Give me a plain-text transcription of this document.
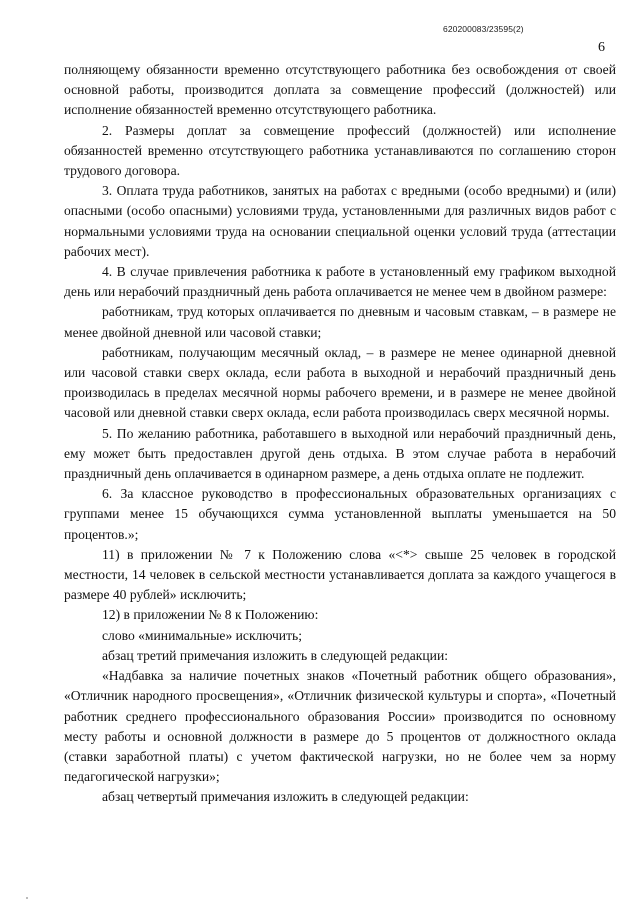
620200083/23595(2)
6

полняющему обязанности временно отсутствующего работника без освобождения от своей основной работы, производится доплата за совмещение профессий (должностей) или исполнение обязанностей временно отсутствующего работника.

2. Размеры доплат за совмещение профессий (должностей) или исполнение обязанностей временно отсутствующего работника устанавливаются по соглашению сторон трудового договора.

3. Оплата труда работников, занятых на работах с вредными (особо вредными) и (или) опасными (особо опасными) условиями труда, установленными для различных видов работ с нормальными условиями труда на основании специальной оценки условий труда (аттестации рабочих мест).

4. В случае привлечения работника к работе в установленный ему графиком выходной день или нерабочий праздничный день работа оплачивается не менее чем в двойном размере:

работникам, труд которых оплачивается по дневным и часовым ставкам, – в размере не менее двойной дневной или часовой ставки;

работникам, получающим месячный оклад, – в размере не менее одинарной дневной или часовой ставки сверх оклада, если работа в выходной и нерабочий праздничный день производилась в пределах месячной нормы рабочего времени, и в размере не менее двойной часовой или дневной ставки сверх оклада, если работа производилась сверх месячной нормы.

5. По желанию работника, работавшего в выходной или нерабочий праздничный день, ему может быть предоставлен другой день отдыха. В этом случае работа в нерабочий праздничный день оплачивается в одинарном размере, а день отдыха оплате не подлежит.

6. За классное руководство в профессиональных образовательных организациях с группами менее 15 обучающихся сумма установленной выплаты уменьшается на 50 процентов.»;

11) в приложении № 7 к Положению слова «<*> свыше 25 человек в городской местности, 14 человек в сельской местности устанавливается доплата за каждого учащегося в размере 40 рублей» исключить;

12) в приложении № 8 к Положению:

слово «минимальные» исключить;

абзац третий примечания изложить в следующей редакции:

«Надбавка за наличие почетных знаков «Почетный работник общего образования», «Отличник народного просвещения», «Отличник физической культуры и спорта», «Почетный работник среднего профессионального образования России» производится по основному месту работы и основной должности в размере до 5 процентов от должностного оклада (ставки заработной платы) с учетом фактической нагрузки, но не более чем за норму педагогической нагрузки»;

абзац четвертый примечания изложить в следующей редакции:
